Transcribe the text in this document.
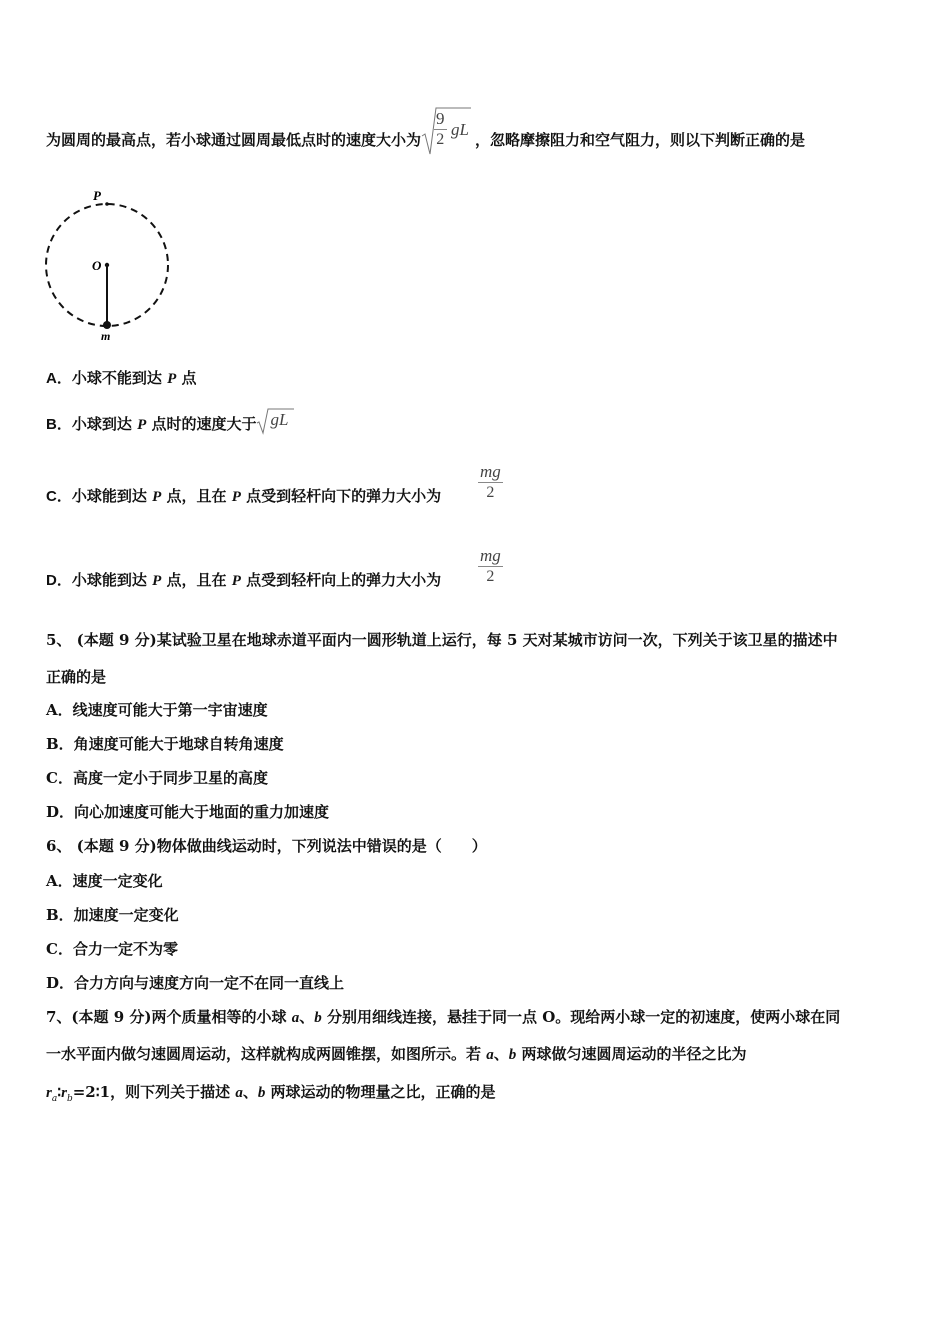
为圆周的最高点，若小球通过圆周最低点时的速度大小为 $\frac{9}{2}$ gL
，忽略摩擦阻力和空气阻力，则以下判断正确的是
P
O
m
A．小球不能到达 P 点
B．小球到达 P 点时的速度大于 gL
C．小球能到达 P 点，且在 P 点受到轻杆向下的弹力大小为 $\frac{mg}{2}$
D．小球能到达 P 点，且在 P 点受到轻杆向上的弹力大小为 $\frac{mg}{2}$
5、 (本题 9 分)某试验卫星在地球赤道平面内一圆形轨道上运行，每 5 天对某城市访问一次，下列关于该卫星的描述中
正确的是
A．线速度可能大于第一宇宙速度
B．角速度可能大于地球自转角速度
C．高度一定小于同步卫星的高度
D．向心加速度可能大于地面的重力加速度
6、 (本题 9 分)物体做曲线运动时，下列说法中错误的是（　　）
A．速度一定变化
B．加速度一定变化
C．合力一定不为零
D．合力方向与速度方向一定不在同一直线上
7、(本题 9 分)两个质量相等的小球 a、b 分别用细线连接，悬挂于同一点 O。现给两小球一定的初速度，使两小球在同
一水平面内做匀速圆周运动，这样就构成两圆锥摆，如图所示。若 a、b 两球做匀速圆周运动的半径之比为
$r_a∶r_b=2∶1$，则下列关于描述 a、b 两球运动的物理量之比，正确的是
